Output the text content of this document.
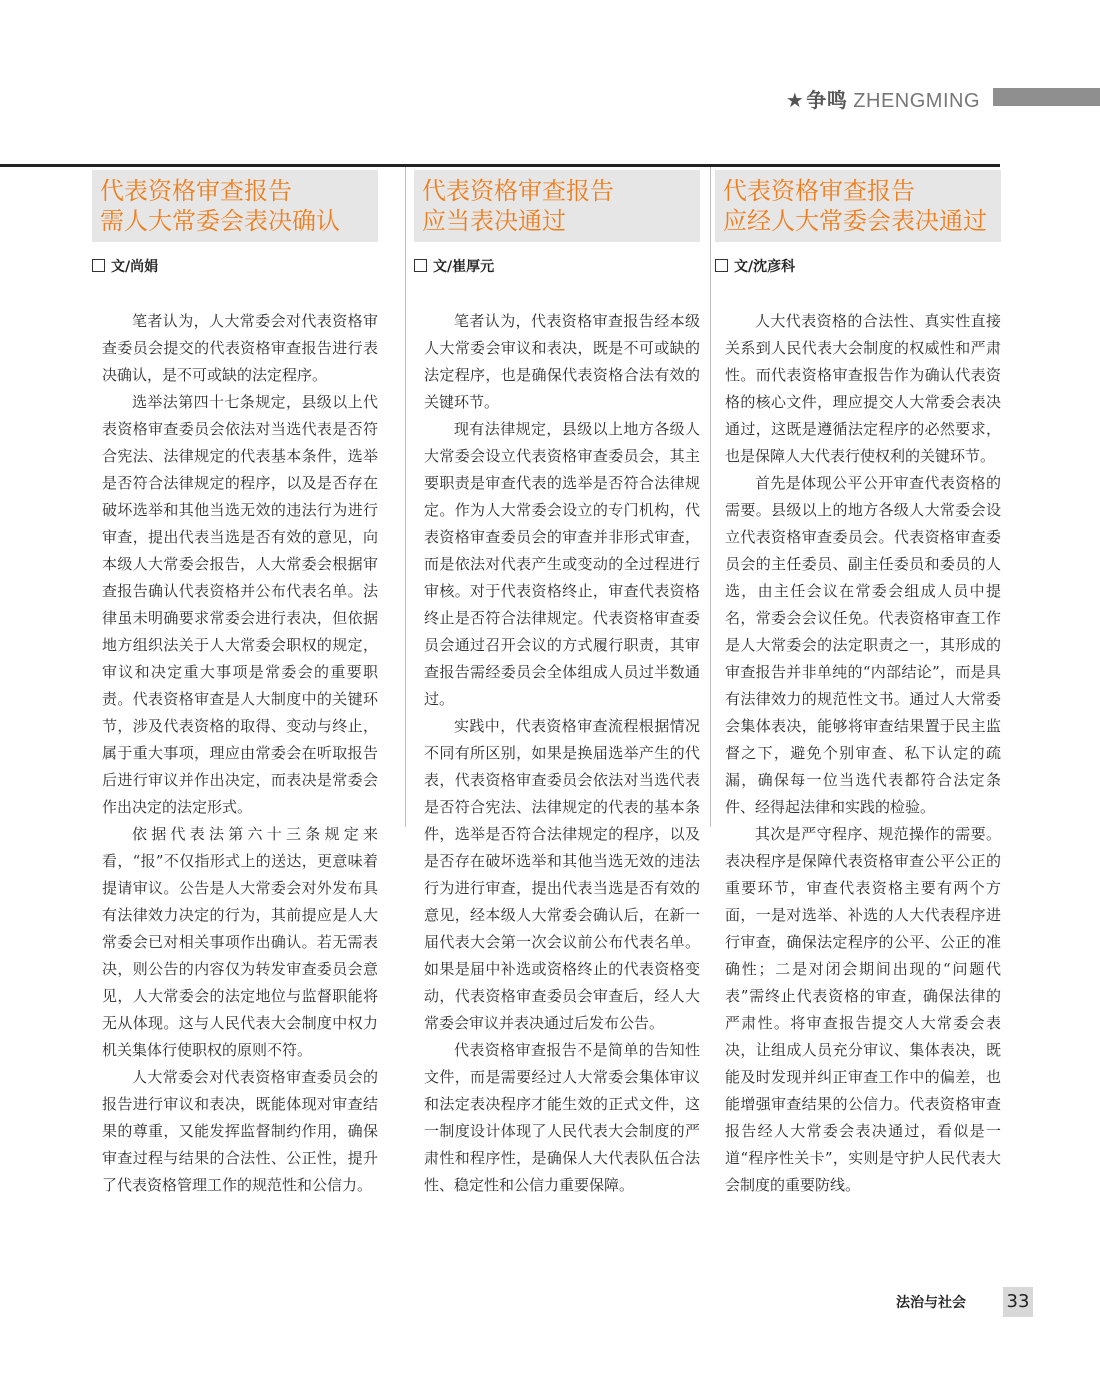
★ 争鸣 ZHENGMING
代表资格审查报告
需人大常委会表决确认
文/尚娟

笔者认为，人大常委会对代表资格审查委员会提交的代表资格审查报告进行表决确认，是不可或缺的法定程序。

选举法第四十七条规定，县级以上代表资格审查委员会依法对当选代表是否符合宪法、法律规定的代表基本条件，选举是否符合法律规定的程序，以及是否存在破坏选举和其他当选无效的违法行为进行审查，提出代表当选是否有效的意见，向本级人大常委会报告，人大常委会根据审查报告确认代表资格并公布代表名单。法律虽未明确要求常委会进行表决，但依据地方组织法关于人大常委会职权的规定，审议和决定重大事项是常委会的重要职责。代表资格审查是人大制度中的关键环节，涉及代表资格的取得、变动与终止，属于重大事项，理应由常委会在听取报告后进行审议并作出决定，而表决是常委会作出决定的法定形式。

依据代表法第六十三条规定来看，“报”不仅指形式上的送达，更意味着提请审议。公告是人大常委会对外发布具有法律效力决定的行为，其前提应是人大常委会已对相关事项作出确认。若无需表决，则公告的内容仅为转发审查委员会意见，人大常委会的法定地位与监督职能将无从体现。这与人民代表大会制度中权力机关集体行使职权的原则不符。

人大常委会对代表资格审查委员会的报告进行审议和表决，既能体现对审查结果的尊重，又能发挥监督制约作用，确保审查过程与结果的合法性、公正性，提升了代表资格管理工作的规范性和公信力。

代表资格审查报告
应当表决通过
文/崔厚元

笔者认为，代表资格审查报告经本级人大常委会审议和表决，既是不可或缺的法定程序，也是确保代表资格合法有效的关键环节。

现有法律规定，县级以上地方各级人大常委会设立代表资格审查委员会，其主要职责是审查代表的选举是否符合法律规定。作为人大常委会设立的专门机构，代表资格审查委员会的审查并非形式审查，而是依法对代表产生或变动的全过程进行审核。对于代表资格终止，审查代表资格终止是否符合法律规定。代表资格审查委员会通过召开会议的方式履行职责，其审查报告需经委员会全体组成人员过半数通过。

实践中，代表资格审查流程根据情况不同有所区别，如果是换届选举产生的代表，代表资格审查委员会依法对当选代表是否符合宪法、法律规定的代表的基本条件，选举是否符合法律规定的程序，以及是否存在破坏选举和其他当选无效的违法行为进行审查，提出代表当选是否有效的意见，经本级人大常委会确认后，在新一届代表大会第一次会议前公布代表名单。如果是届中补选或资格终止的代表资格变动，代表资格审查委员会审查后，经人大常委会审议并表决通过后发布公告。

代表资格审查报告不是简单的告知性文件，而是需要经过人大常委会集体审议和法定表决程序才能生效的正式文件，这一制度设计体现了人民代表大会制度的严肃性和程序性，是确保人大代表队伍合法性、稳定性和公信力重要保障。

代表资格审查报告
应经人大常委会表决通过
文/沈彦科

人大代表资格的合法性、真实性直接关系到人民代表大会制度的权威性和严肃性。而代表资格审查报告作为确认代表资格的核心文件，理应提交人大常委会表决通过，这既是遵循法定程序的必然要求，也是保障人大代表行使权利的关键环节。

首先是体现公平公开审查代表资格的需要。县级以上的地方各级人大常委会设立代表资格审查委员会。代表资格审查委员会的主任委员、副主任委员和委员的人选，由主任会议在常委会组成人员中提名，常委会会议任免。代表资格审查工作是人大常委会的法定职责之一，其形成的审查报告并非单纯的“内部结论”，而是具有法律效力的规范性文书。通过人大常委会集体表决，能够将审查结果置于民主监督之下，避免个别审查、私下认定的疏漏，确保每一位当选代表都符合法定条件、经得起法律和实践的检验。

其次是严守程序、规范操作的需要。表决程序是保障代表资格审查公平公正的重要环节，审查代表资格主要有两个方面，一是对选举、补选的人大代表程序进行审查，确保法定程序的公平、公正的准确性；二是对闭会期间出现的“问题代表”需终止代表资格的审查，确保法律的严肃性。将审查报告提交人大常委会表决，让组成人员充分审议、集体表决，既能及时发现并纠正审查工作中的偏差，也能增强审查结果的公信力。代表资格审查报告经人大常委会表决通过，看似是一道“程序性关卡”，实则是守护人民代表大会制度的重要防线。

法治与社会 33
